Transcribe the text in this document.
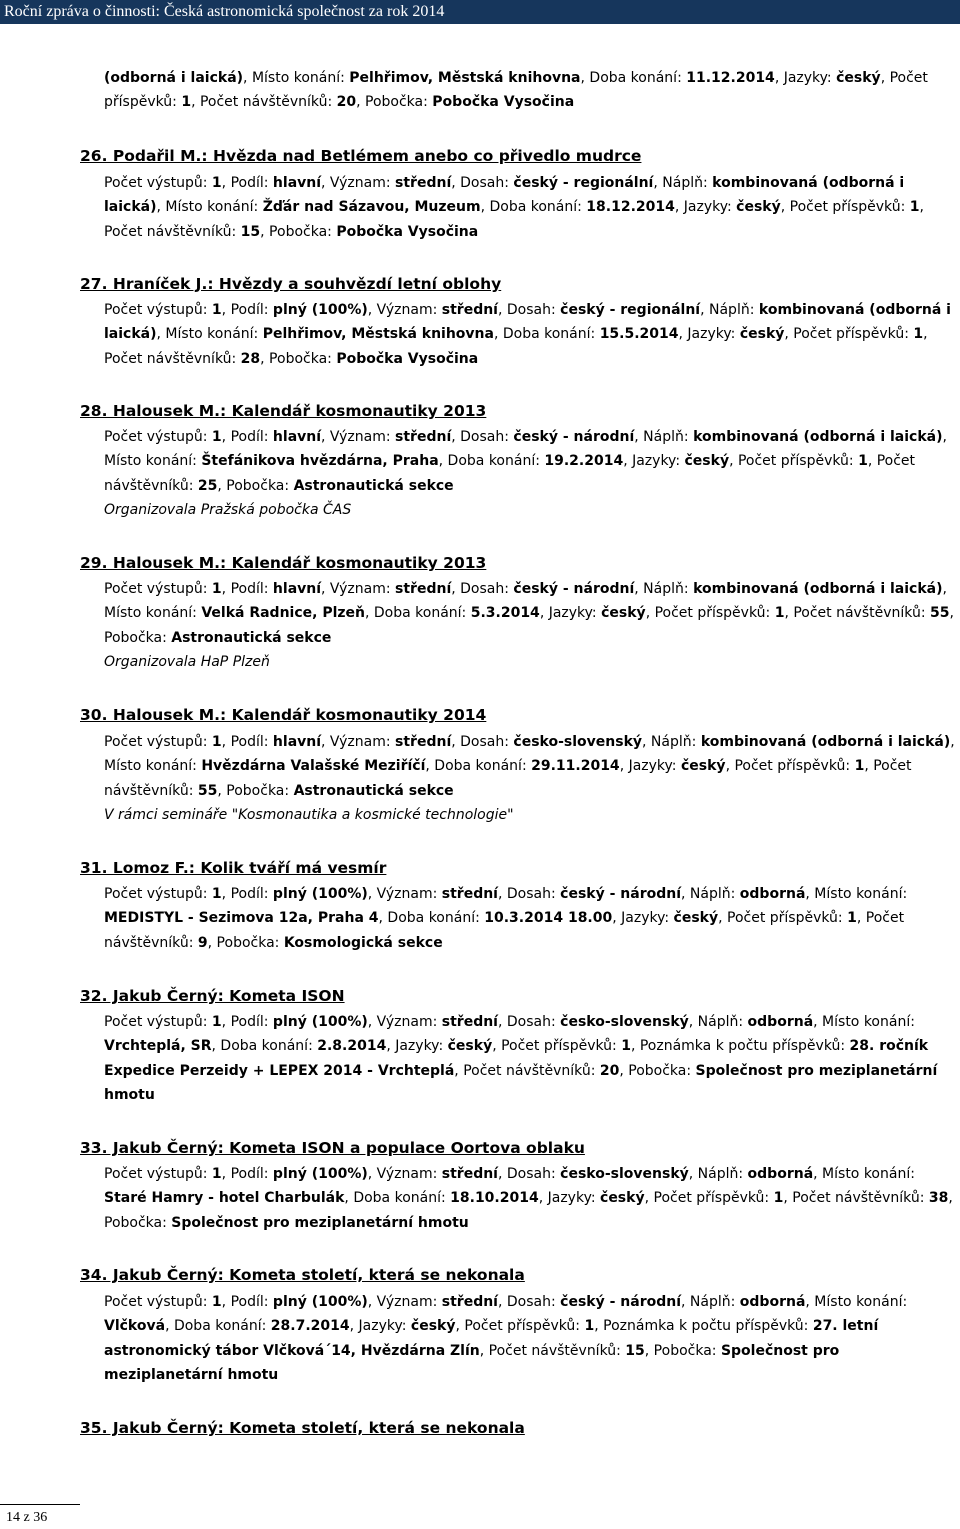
Roční zpráva o činnosti: Česká astronomická společnost za rok 2014
(odborná i laická), Místo konání: Pelhřimov, Městská knihovna, Doba konání: 11.12.2014, Jazyky: český, Počet příspěvků: 1, Počet návštěvníků: 20, Pobočka: Pobočka Vysočina
26. Podařil M.: Hvězda nad Betlémem anebo co přivedlo mudrce
Počet výstupů: 1, Podíl: hlavní, Význam: střední, Dosah: český - regionální, Náplň: kombinovaná (odborná i laická), Místo konání: Žďár nad Sázavou, Muzeum, Doba konání: 18.12.2014, Jazyky: český, Počet příspěvků: 1, Počet návštěvníků: 15, Pobočka: Pobočka Vysočina
27. Hraníček J.: Hvězdy a souhvězdí letní oblohy
Počet výstupů: 1, Podíl: plný (100%), Význam: střední, Dosah: český - regionální, Náplň: kombinovaná (odborná i laická), Místo konání: Pelhřimov, Městská knihovna, Doba konání: 15.5.2014, Jazyky: český, Počet příspěvků: 1, Počet návštěvníků: 28, Pobočka: Pobočka Vysočina
28. Halousek M.: Kalendář kosmonautiky 2013
Počet výstupů: 1, Podíl: hlavní, Význam: střední, Dosah: český - národní, Náplň: kombinovaná (odborná i laická), Místo konání: Štefánikova hvězdárna, Praha, Doba konání: 19.2.2014, Jazyky: český, Počet příspěvků: 1, Počet návštěvníků: 25, Pobočka: Astronautická sekce
Organizovala Pražská pobočka ČAS
29. Halousek M.: Kalendář kosmonautiky 2013
Počet výstupů: 1, Podíl: hlavní, Význam: střední, Dosah: český - národní, Náplň: kombinovaná (odborná i laická), Místo konání: Velká Radnice, Plzeň, Doba konání: 5.3.2014, Jazyky: český, Počet příspěvků: 1, Počet návštěvníků: 55, Pobočka: Astronautická sekce
Organizovala HaP Plzeň
30. Halousek M.: Kalendář kosmonautiky 2014
Počet výstupů: 1, Podíl: hlavní, Význam: střední, Dosah: česko-slovenský, Náplň: kombinovaná (odborná i laická), Místo konání: Hvězdárna Valašské Meziříčí, Doba konání: 29.11.2014, Jazyky: český, Počet příspěvků: 1, Počet návštěvníků: 55, Pobočka: Astronautická sekce
V rámci semináře "Kosmonautika a kosmické technologie"
31. Lomoz F.: Kolik tváří má vesmír
Počet výstupů: 1, Podíl: plný (100%), Význam: střední, Dosah: český - národní, Náplň: odborná, Místo konání: MEDISTYL - Sezimova 12a, Praha 4, Doba konání: 10.3.2014 18.00, Jazyky: český, Počet příspěvků: 1, Počet návštěvníků: 9, Pobočka: Kosmologická sekce
32. Jakub Černý: Kometa ISON
Počet výstupů: 1, Podíl: plný (100%), Význam: střední, Dosah: česko-slovenský, Náplň: odborná, Místo konání: Vrchteplá, SR, Doba konání: 2.8.2014, Jazyky: český, Počet příspěvků: 1, Poznámka k počtu příspěvků: 28. ročník Expedice Perzeidy + LEPEX 2014 - Vrchteplá, Počet návštěvníků: 20, Pobočka: Společnost pro meziplanetární hmotu
33. Jakub Černý: Kometa ISON a populace Oortova oblaku
Počet výstupů: 1, Podíl: plný (100%), Význam: střední, Dosah: česko-slovenský, Náplň: odborná, Místo konání: Staré Hamry - hotel Charbulák, Doba konání: 18.10.2014, Jazyky: český, Počet příspěvků: 1, Počet návštěvníků: 38, Pobočka: Společnost pro meziplanetární hmotu
34. Jakub Černý: Kometa století, která se nekonala
Počet výstupů: 1, Podíl: plný (100%), Význam: střední, Dosah: český - národní, Náplň: odborná, Místo konání: Vlčková, Doba konání: 28.7.2014, Jazyky: český, Počet příspěvků: 1, Poznámka k počtu příspěvků: 27. letní astronomický tábor Vlčková´14, Hvězdárna Zlín, Počet návštěvníků: 15, Pobočka: Společnost pro meziplanetární hmotu
35. Jakub Černý: Kometa století, která se nekonala
14 z 36
